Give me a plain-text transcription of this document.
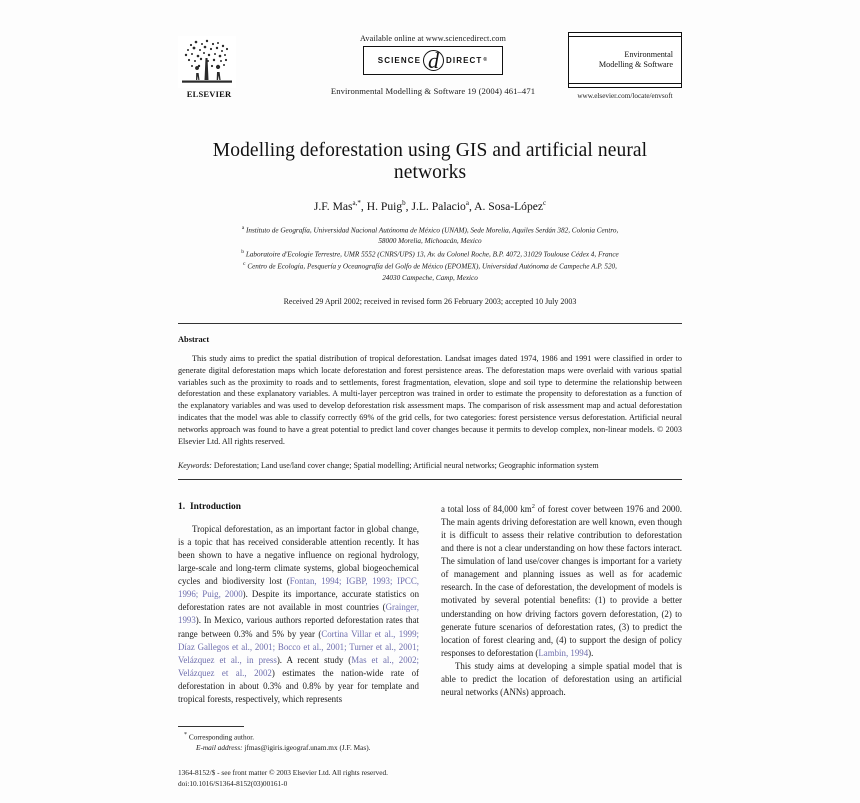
ELSEVIER
Available online at www.sciencedirect.com
SCIENCE d DIRECT ®
Environmental Modelling & Software 19 (2004) 461–471
Environmental
Modelling & Software
www.elsevier.com/locate/envsoft
Modelling deforestation using GIS and artificial neural networks
J.F. Mas$^{a,*}$, H. Puig$^b$, J.L. Palacio$^a$, A. Sosa-López$^c$
$^a$ Instituto de Geografía, Universidad Nacional Autónoma de México (UNAM), Sede Morelia, Aquiles Serdán 382, Colonia Centro,
58000 Morelia, Michoacán, Mexico
$^b$ Laboratoire d'Ecologie Terrestre, UMR 5552 (CNRS/UPS) 13, Av. du Colonel Roche, B.P. 4072, 31029 Toulouse Cédex 4, France
$^c$ Centro de Ecología, Pesquería y Oceanografía del Golfo de México (EPOMEX), Universidad Autónoma de Campeche A.P. 520,
24030 Campeche, Camp, Mexico
Received 29 April 2002; received in revised form 26 February 2003; accepted 10 July 2003
Abstract
This study aims to predict the spatial distribution of tropical deforestation. Landsat images dated 1974, 1986 and 1991 were classified in order to generate digital deforestation maps which locate deforestation and forest persistence areas. The deforestation maps were overlaid with various spatial variables such as the proximity to roads and to settlements, forest fragmentation, elevation, slope and soil type to determine the relationship between deforestation and these explanatory variables. A multi-layer perceptron was trained in order to estimate the propensity to deforestation as a function of the explanatory variables and was used to develop deforestation risk assessment maps. The comparison of risk assessment map and actual deforestation indicates that the model was able to classify correctly 69% of the grid cells, for two categories: forest persistence versus deforestation. Artificial neural networks approach was found to have a great potential to predict land cover changes because it permits to develop complex, non-linear models. © 2003 Elsevier Ltd. All rights reserved.
Keywords: Deforestation; Land use/land cover change; Spatial modelling; Artificial neural networks; Geographic information system
1. Introduction

Tropical deforestation, as an important factor in global change, is a topic that has received considerable attention recently. It has been shown to have a negative influence on regional hydrology, large-scale and long-term climate systems, global biogeochemical cycles and biodiversity lost (Fontan, 1994; IGBP, 1993; IPCC, 1996; Puig, 2000). Despite its importance, accurate statistics on deforestation rates are not available in most countries (Grainger, 1993). In Mexico, various authors reported deforestation rates that range between 0.3% and 5% by year (Cortina Villar et al., 1999; Díaz Gallegos et al., 2001; Bocco et al., 2001; Turner et al., 2001; Velázquez et al., in press). A recent study (Mas et al., 2002; Velázquez et al., 2002) estimates the nation-wide rate of deforestation in about 0.3% and 0.8% by year for template and tropical forests, respectively, which represents

* Corresponding author.
E-mail address: jfmas@igiris.igeograf.unam.mx (J.F. Mas).
1364-8152/$ - see front matter © 2003 Elsevier Ltd. All rights reserved.
doi:10.1016/S1364-8152(03)00161-0

a total loss of 84,000 $km^2$ of forest cover between 1976 and 2000. The main agents driving deforestation are well known, even though it is difficult to assess their relative contribution to deforestation and there is not a clear understanding on how these factors interact. The simulation of land use/cover changes is important for a variety of management and planning issues as well as for academic research. In the case of deforestation, the development of models is motivated by several potential benefits: (1) to provide a better understanding on how driving factors govern deforestation, (2) to generate future scenarios of deforestation rates, (3) to predict the location of forest clearing and, (4) to support the design of policy responses to deforestation (Lambin, 1994).

This study aims at developing a simple spatial model that is able to predict the location of deforestation using an artificial neural networks (ANNs) approach.
